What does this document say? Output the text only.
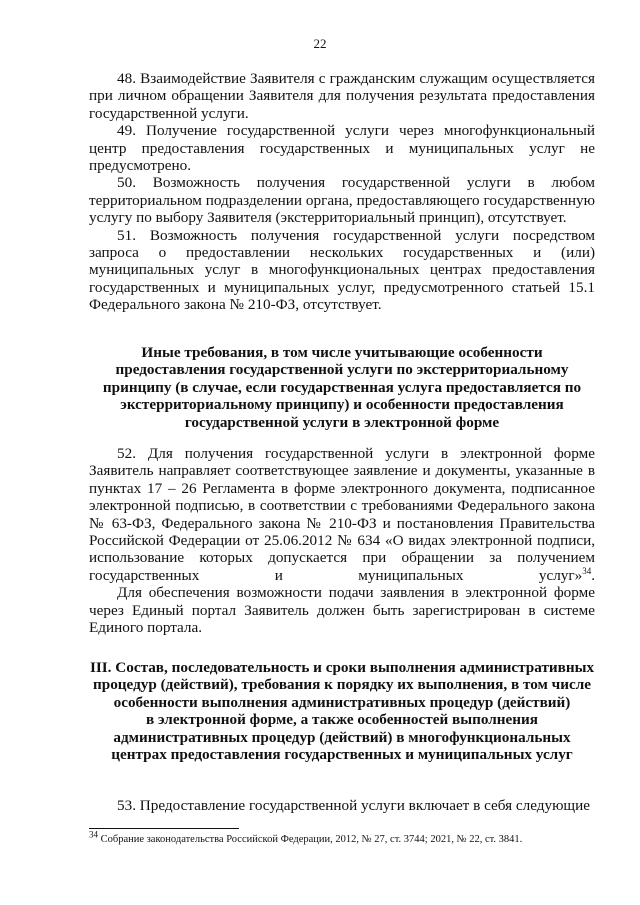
22

48. Взаимодействие Заявителя с гражданским служащим осуществляется при личном обращении Заявителя для получения результата предоставления государственной услуги.

49. Получение государственной услуги через многофункциональный центр предоставления государственных и муниципальных услуг не предусмотрено.

50. Возможность получения государственной услуги в любом территориальном подразделении органа, предоставляющего государственную услугу по выбору Заявителя (экстерриториальный принцип), отсутствует.

51. Возможность получения государственной услуги посредством запроса о предоставлении нескольких государственных и (или) муниципальных услуг в многофункциональных центрах предоставления государственных и муниципальных услуг, предусмотренного статьей 15.1 Федерального закона № 210-ФЗ, отсутствует.

Иные требования, в том числе учитывающие особенности
предоставления государственной услуги по экстерриториальному
принципу (в случае, если государственная услуга предоставляется по
экстерриториальному принципу) и особенности предоставления
государственной услуги в электронной форме

52. Для получения государственной услуги в электронной форме Заявитель направляет соответствующее заявление и документы, указанные в пунктах 17 – 26 Регламента в форме электронного документа, подписанное электронной подписью, в соответствии с требованиями Федерального закона № 63-ФЗ, Федерального закона № 210-ФЗ и постановления Правительства Российской Федерации от 25.06.2012 № 634 «О видах электронной подписи, использование которых допускается при обращении за получением государственных и муниципальных услуг»$^{34}$.

Для обеспечения возможности подачи заявления в электронной форме через Единый портал Заявитель должен быть зарегистрирован в системе Единого портала.

III. Состав, последовательность и сроки выполнения административных
процедур (действий), требования к порядку их выполнения, в том числе
особенности выполнения административных процедур (действий)
в электронной форме, а также особенностей выполнения
административных процедур (действий) в многофункциональных
центрах предоставления государственных и муниципальных услуг

53. Предоставление государственной услуги включает в себя следующие

$^{34}$ Собрание законодательства Российской Федерации, 2012, № 27, ст. 3744; 2021, № 22, ст. 3841.
